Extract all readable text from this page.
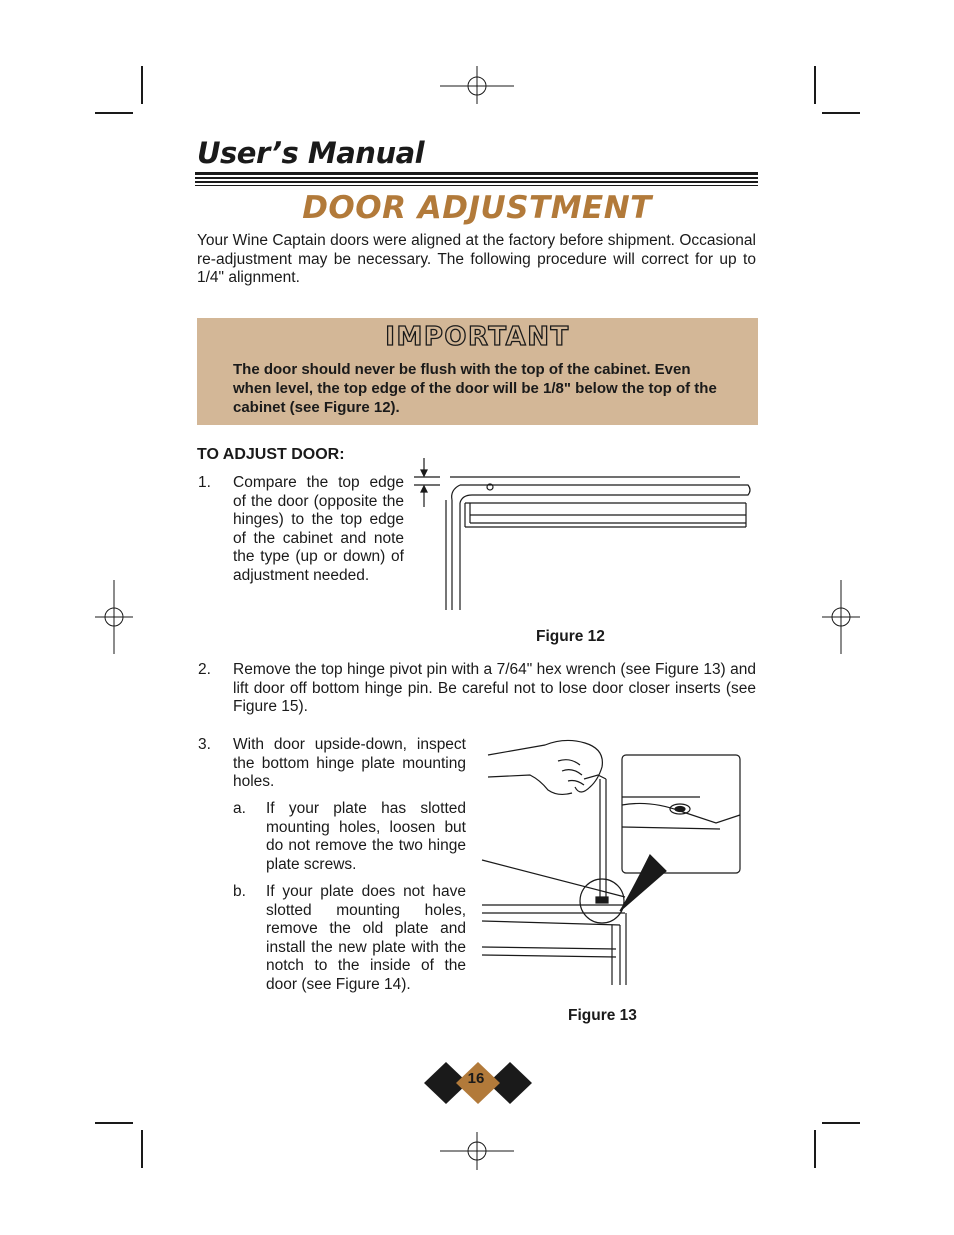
User’s Manual
DOOR ADJUSTMENT
Your Wine Captain doors were aligned at the factory before shipment. Occasional re-adjustment may be necessary. The following procedure will correct for up to 1/4" alignment.
IMPORTANT
The door should never be flush with the top of the cabinet. Even when level, the top edge of the door will be 1/8" below the top of the cabinet (see Figure 12).
TO ADJUST DOOR:
1. Compare the top edge of the door (opposite the hinges) to the top edge of the cabinet and note the type (up or down) of adjustment needed.
Figure 12
2. Remove the top hinge pivot pin with a 7/64" hex wrench (see Figure 13) and lift door off bottom hinge pin. Be careful not to lose door closer inserts (see Figure 15).
3. With door upside-down, inspect the bottom hinge plate mounting holes.
a. If your plate has slotted mounting holes, loosen but do not remove the two hinge plate screws.
b. If your plate does not have slotted mounting holes, remove the old plate and install the new plate with the notch to the inside of the door (see Figure 14).
Figure 13
16
